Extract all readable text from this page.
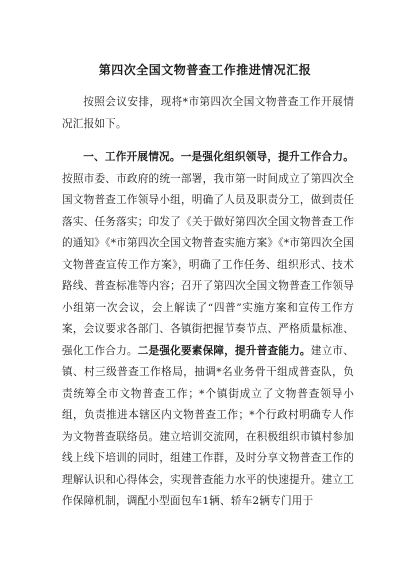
第四次全国文物普查工作推进情况汇报

按照会议安排，现将*市第四次全国文物普查工作开展情况汇报如下。

一、工作开展情况。一是强化组织领导，提升工作合力。按照市委、市政府的统一部署，我市第一时间成立了第四次全国文物普查工作领导小组，明确了人员及职责分工，做到责任落实、任务落实；印发了《关于做好第四次全国文物普查工作的通知》《*市第四次全国文物普查实施方案》《*市第四次全国文物普查宣传工作方案》，明确了工作任务、组织形式、技术路线、普查标准等内容；召开了第四次全国文物普查工作领导小组第一次会议，会上解读了“四普”实施方案和宣传工作方案，会议要求各部门、各镇街把握节奏节点、严格质量标准、强化工作合力。二是强化要素保障，提升普查能力。建立市、镇、村三级普查工作格局，抽调*名业务骨干组成普查队，负责统筹全市文物普查工作；*个镇街成立了文物普查领导小组，负责推进本辖区内文物普查工作；*个行政村明确专人作为文物普查联络员。建立培训交流网，在积极组织市镇村参加线上线下培训的同时，组建工作群，及时分享文物普查工作的理解认识和心得体会，实现普查能力水平的快速提升。建立工作保障机制，调配小型面包车1辆、轿车2辆专门用于
